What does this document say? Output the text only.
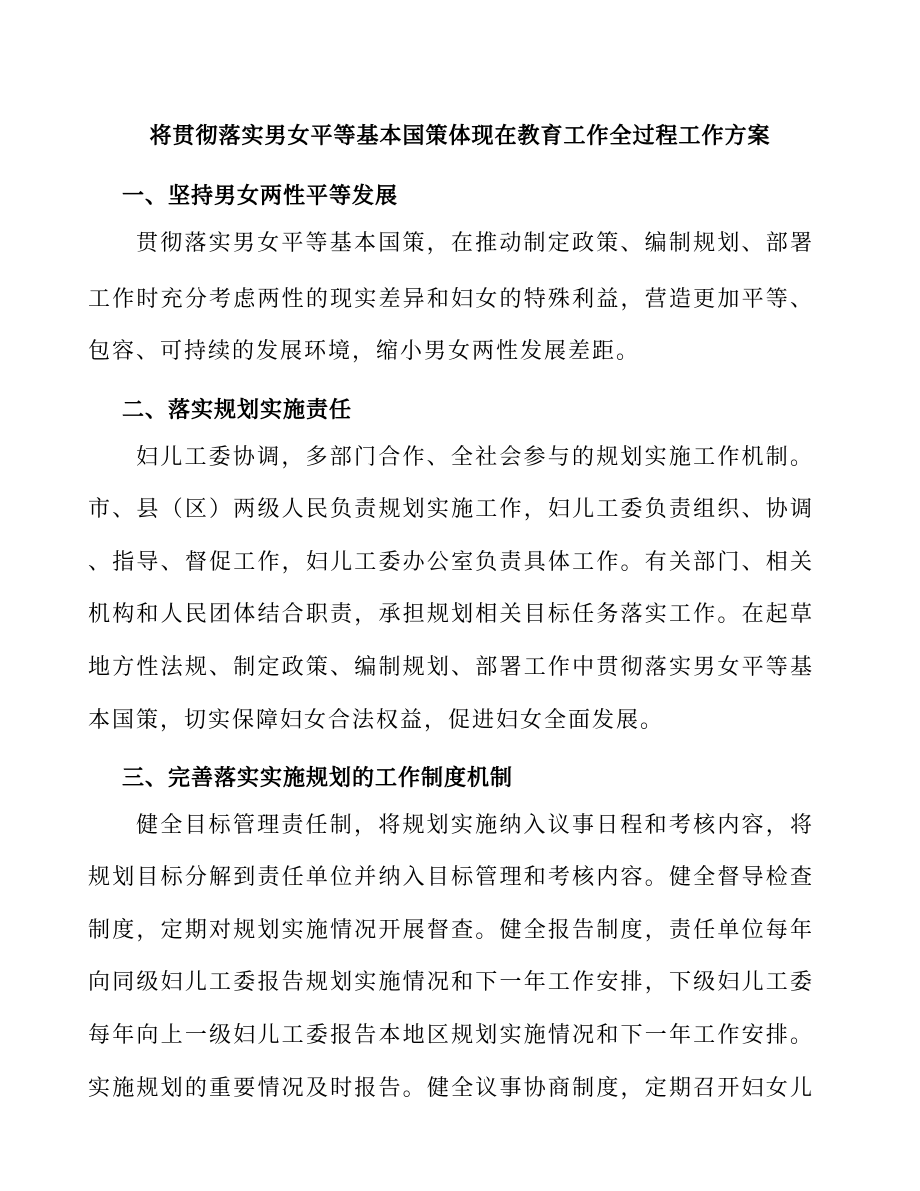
将贯彻落实男女平等基本国策体现在教育工作全过程工作方案
一、坚持男女两性平等发展
贯彻落实男女平等基本国策，在推动制定政策、编制规划、部署
工作时充分考虑两性的现实差异和妇女的特殊利益，营造更加平等、
包容、可持续的发展环境，缩小男女两性发展差距。
二、落实规划实施责任
妇儿工委协调，多部门合作、全社会参与的规划实施工作机制。
市、县（区）两级人民负责规划实施工作，妇儿工委负责组织、协调
、指导、督促工作，妇儿工委办公室负责具体工作。有关部门、相关
机构和人民团体结合职责，承担规划相关目标任务落实工作。在起草
地方性法规、制定政策、编制规划、部署工作中贯彻落实男女平等基
本国策，切实保障妇女合法权益，促进妇女全面发展。
三、完善落实实施规划的工作制度机制
健全目标管理责任制，将规划实施纳入议事日程和考核内容，将
规划目标分解到责任单位并纳入目标管理和考核内容。健全督导检查
制度，定期对规划实施情况开展督查。健全报告制度，责任单位每年
向同级妇儿工委报告规划实施情况和下一年工作安排，下级妇儿工委
每年向上一级妇儿工委报告本地区规划实施情况和下一年工作安排。
实施规划的重要情况及时报告。健全议事协商制度，定期召开妇女儿
